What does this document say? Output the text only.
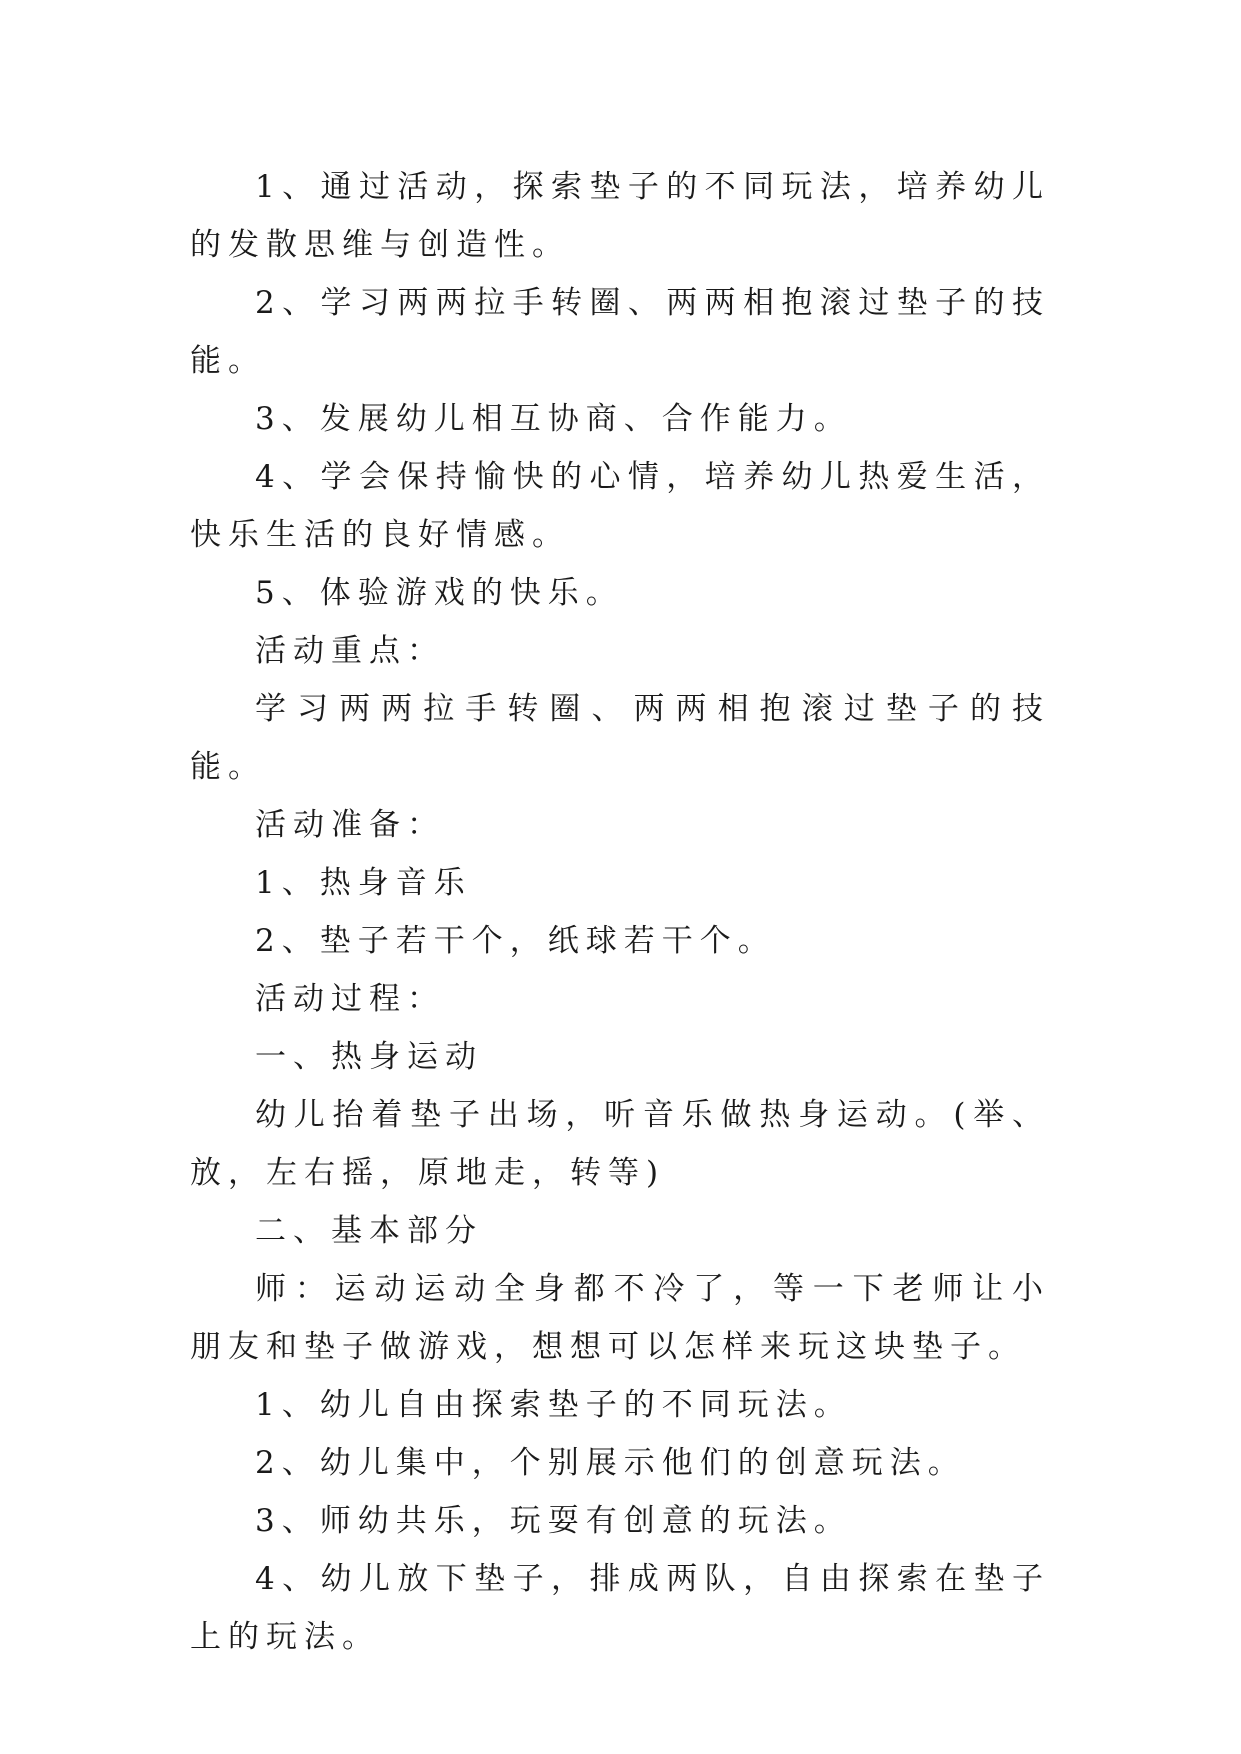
1、通过活动，探索垫子的不同玩法，培养幼儿的发散思维与创造性。

2、学习两两拉手转圈、两两相抱滚过垫子的技能。

3、发展幼儿相互协商、合作能力。

4、学会保持愉快的心情，培养幼儿热爱生活，快乐生活的良好情感。

5、体验游戏的快乐。

活动重点：

学习两两拉手转圈、两两相抱滚过垫子的技能。

活动准备：

1、热身音乐

2、垫子若干个，纸球若干个。

活动过程：

一、热身运动

幼儿抬着垫子出场，听音乐做热身运动。(举、放，左右摇，原地走，转等)

二、基本部分

师：运动运动全身都不冷了，等一下老师让小朋友和垫子做游戏，想想可以怎样来玩这块垫子。

1、幼儿自由探索垫子的不同玩法。

2、幼儿集中，个别展示他们的创意玩法。

3、师幼共乐，玩耍有创意的玩法。

4、幼儿放下垫子，排成两队，自由探索在垫子上的玩法。
